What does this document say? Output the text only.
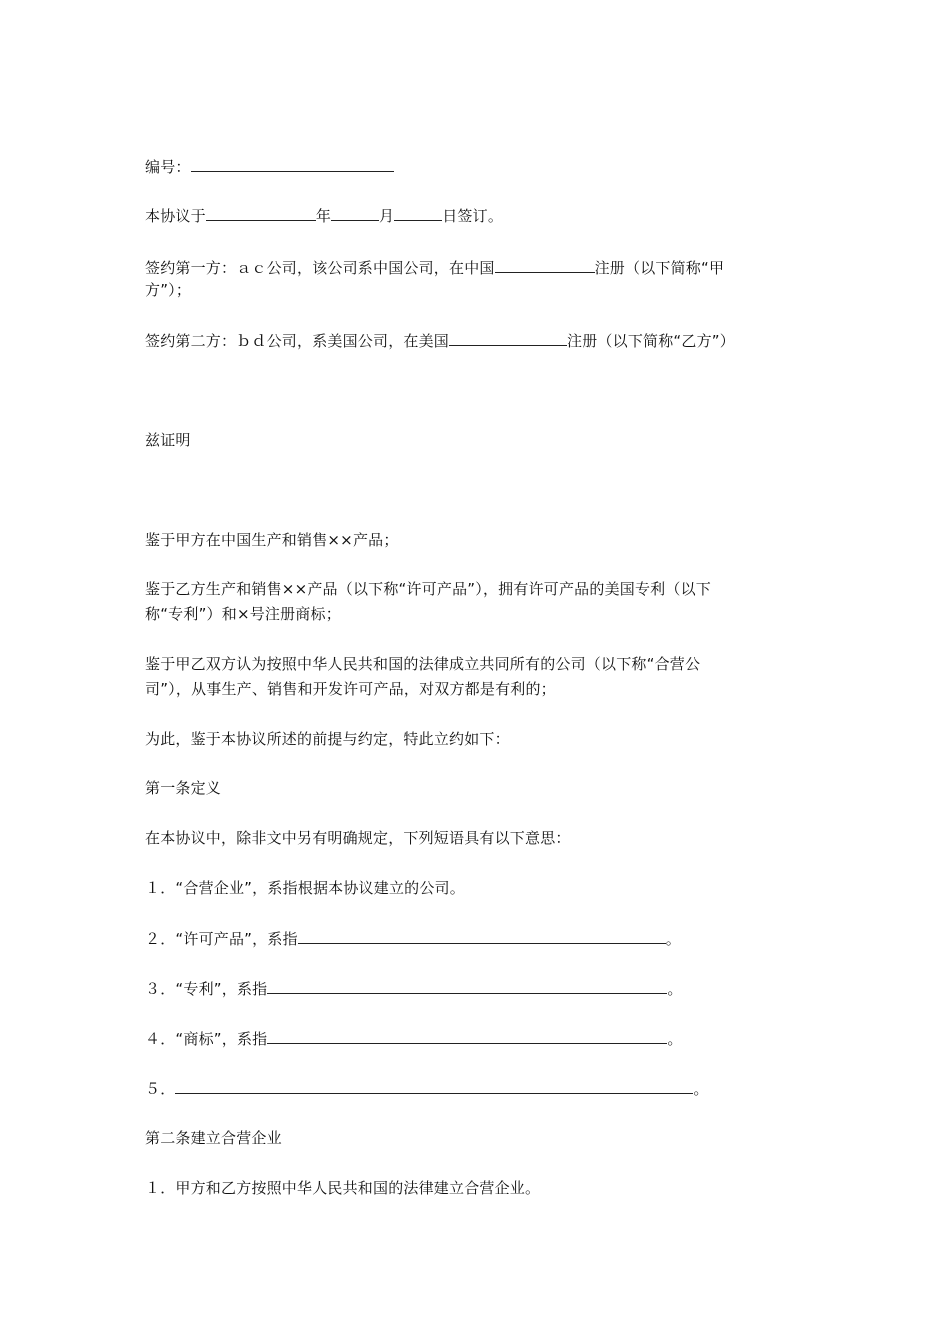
编号：
本协议于	年	月	日签订。
签约第一方：ａｃ公司，该公司系中国公司，在中国	注册（以下简称“甲
方”）；
签约第二方：ｂｄ公司，系美国公司，在美国	注册（以下简称“乙方”）
兹证明
鉴于甲方在中国生产和销售××产品；
鉴于乙方生产和销售××产品（以下称“许可产品”），拥有许可产品的美国专利（以下
称“专利”）和×号注册商标；
鉴于甲乙双方认为按照中华人民共和国的法律成立共同所有的公司（以下称“合营公
司”），从事生产、销售和开发许可产品，对双方都是有利的；
为此，鉴于本协议所述的前提与约定，特此立约如下：
第一条定义
在本协议中，除非文中另有明确规定，下列短语具有以下意思：
１．“合营企业”，系指根据本协议建立的公司。
２．“许可产品”，系指	。
３．“专利”，系指	。
４．“商标”，系指	。
５．	。
第二条建立合营企业
１．甲方和乙方按照中华人民共和国的法律建立合营企业。
